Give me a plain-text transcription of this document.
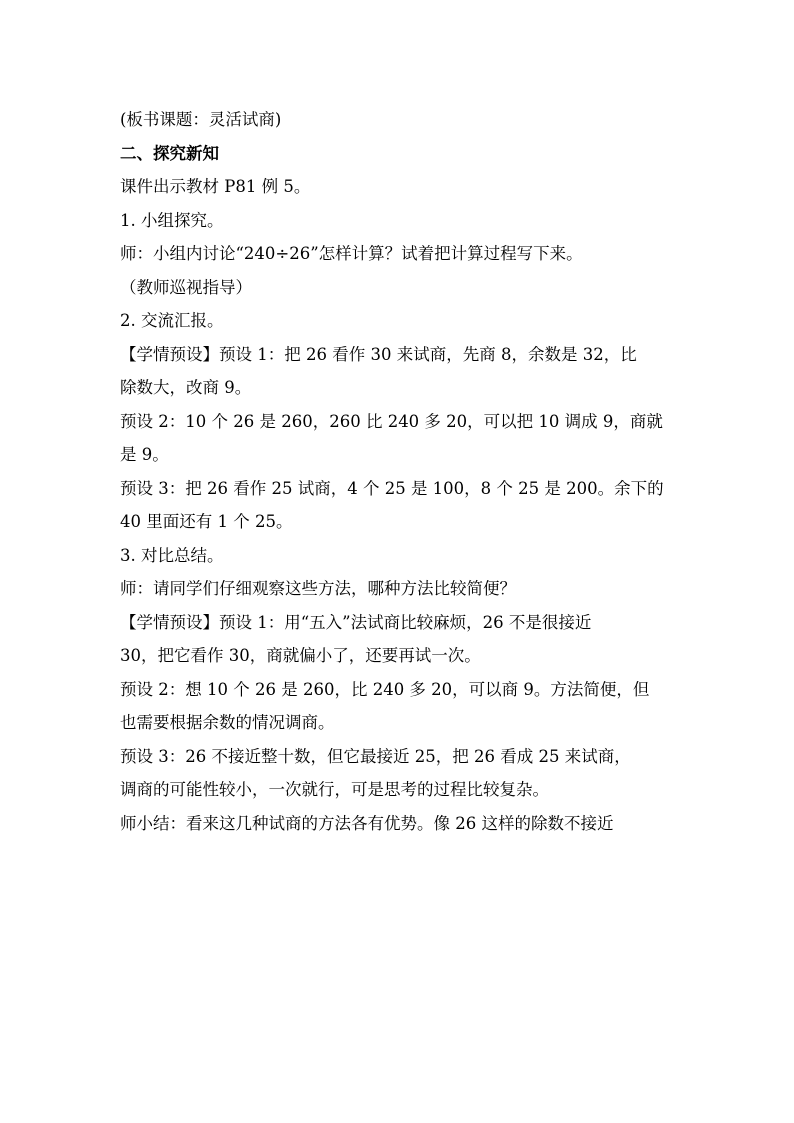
(板书课题：灵活试商)
二、探究新知
课件出示教材 P81 例 5。
1. 小组探究。
师：小组内讨论“240÷26”怎样计算？试着把计算过程写下来。
（教师巡视指导）
2. 交流汇报。
【学情预设】预设 1：把 26 看作 30 来试商，先商 8，余数是 32，比
除数大，改商 9。
预设 2：10 个 26 是 260，260 比 240 多 20，可以把 10 调成 9，商就
是 9。
预设 3：把 26 看作 25 试商，4 个 25 是 100，8 个 25 是 200。余下的
40 里面还有 1 个 25。
3. 对比总结。
师：请同学们仔细观察这些方法，哪种方法比较简便？
【学情预设】预设 1：用“五入”法试商比较麻烦，26 不是很接近
30，把它看作 30，商就偏小了，还要再试一次。
预设 2：想 10 个 26 是 260，比 240 多 20，可以商 9。方法简便，但
也需要根据余数的情况调商。
预设 3：26 不接近整十数，但它最接近 25，把 26 看成 25 来试商，
调商的可能性较小，一次就行，可是思考的过程比较复杂。
师小结：看来这几种试商的方法各有优势。像 26 这样的除数不接近
